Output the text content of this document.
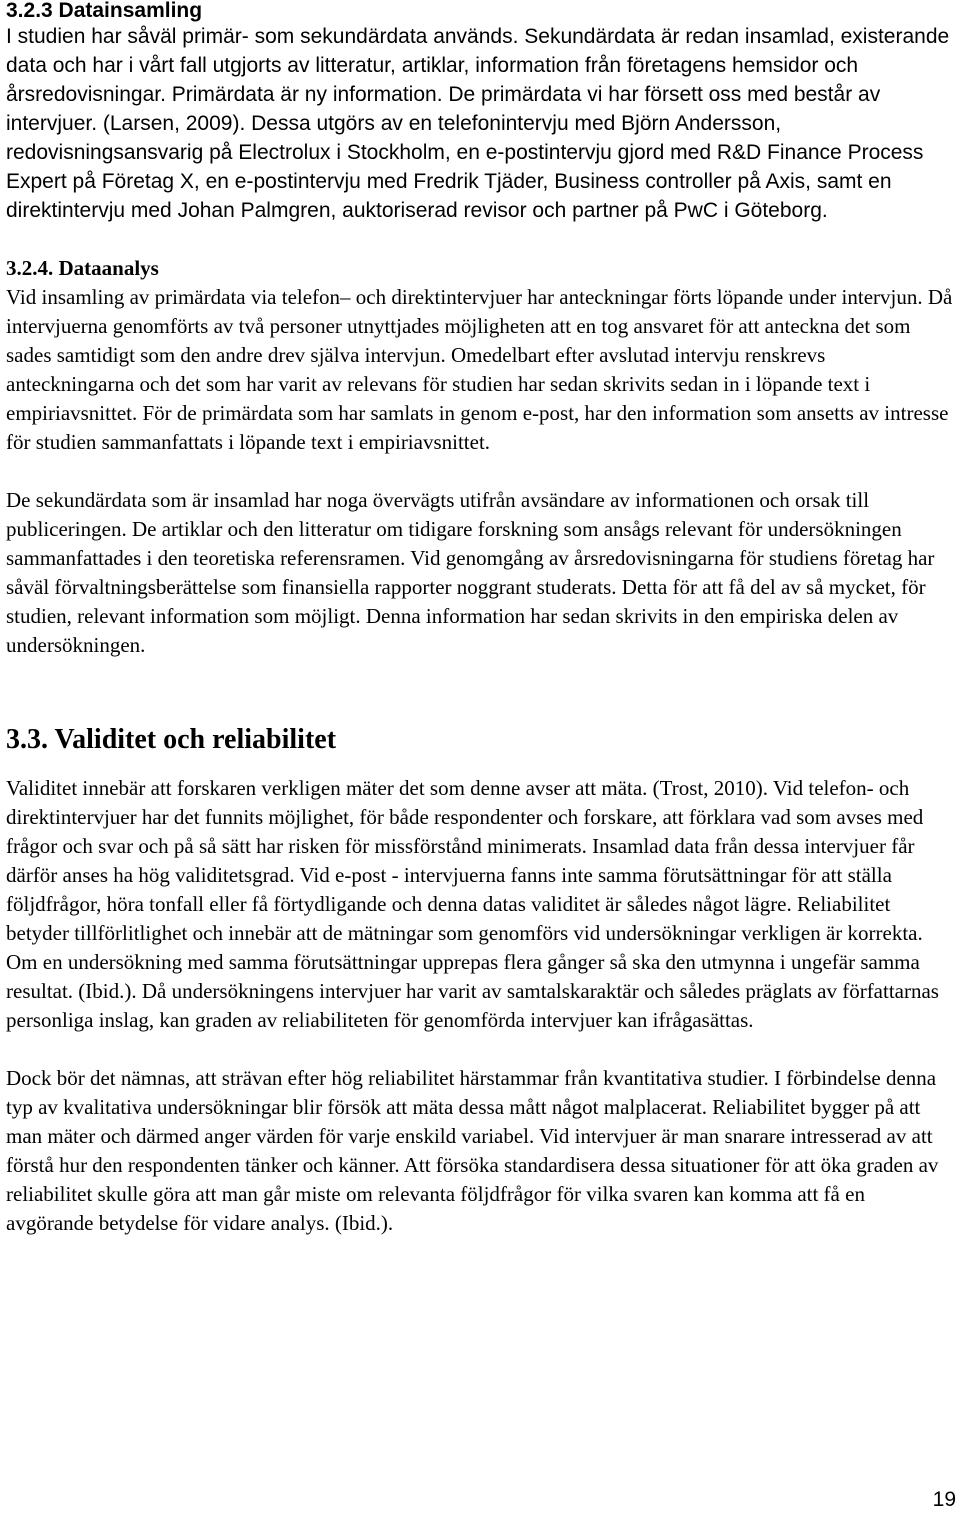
3.2.3 Datainsamling

I studien har såväl primär- som sekundärdata används. Sekundärdata är redan insamlad, existerande data och har i vårt fall utgjorts av litteratur, artiklar, information från företagens hemsidor och årsredovisningar. Primärdata är ny information. De primärdata vi har försett oss med består av intervjuer. (Larsen, 2009). Dessa utgörs av en telefonintervju med Björn Andersson, redovisningsansvarig på Electrolux i Stockholm, en e-postintervju gjord med R&D Finance Process Expert på Företag X, en e-postintervju med Fredrik Tjäder, Business controller på Axis, samt en direktintervju med Johan Palmgren, auktoriserad revisor och partner på PwC i Göteborg.

3.2.4. Dataanalys

Vid insamling av primärdata via telefon– och direktintervjuer har anteckningar förts löpande under intervjun. Då intervjuerna genomförts av två personer utnyttjades möjligheten att en tog ansvaret för att anteckna det som sades samtidigt som den andre drev själva intervjun. Omedelbart efter avslutad intervju renskrevs anteckningarna och det som har varit av relevans för studien har sedan skrivits sedan in i löpande text i empiriavsnittet. För de primärdata som har samlats in genom e-post, har den information som ansetts av intresse för studien sammanfattats i löpande text i empiriavsnittet.

De sekundärdata som är insamlad har noga övervägts utifrån avsändare av informationen och orsak till publiceringen. De artiklar och den litteratur om tidigare forskning som ansågs relevant för undersökningen sammanfattades i den teoretiska referensramen. Vid genomgång av årsredovisningarna för studiens företag har såväl förvaltningsberättelse som finansiella rapporter noggrant studerats. Detta för att få del av så mycket, för studien, relevant information som möjligt. Denna information har sedan skrivits in den empiriska delen av undersökningen.

3.3. Validitet och reliabilitet

Validitet innebär att forskaren verkligen mäter det som denne avser att mäta. (Trost, 2010). Vid telefon- och direktintervjuer har det funnits möjlighet, för både respondenter och forskare, att förklara vad som avses med frågor och svar och på så sätt har risken för missförstånd minimerats. Insamlad data från dessa intervjuer får därför anses ha hög validitetsgrad. Vid e-post - intervjuerna fanns inte samma förutsättningar för att ställa följdfrågor, höra tonfall eller få förtydligande och denna datas validitet är således något lägre. Reliabilitet betyder tillförlitlighet och innebär att de mätningar som genomförs vid undersökningar verkligen är korrekta. Om en undersökning med samma förutsättningar upprepas flera gånger så ska den utmynna i ungefär samma resultat. (Ibid.). Då undersökningens intervjuer har varit av samtalskaraktär och således präglats av författarnas personliga inslag, kan graden av reliabiliteten för genomförda intervjuer kan ifrågasättas.

Dock bör det nämnas, att strävan efter hög reliabilitet härstammar från kvantitativa studier. I förbindelse denna typ av kvalitativa undersökningar blir försök att mäta dessa mått något malplacerat. Reliabilitet bygger på att man mäter och därmed anger värden för varje enskild variabel. Vid intervjuer är man snarare intresserad av att förstå hur den respondenten tänker och känner. Att försöka standardisera dessa situationer för att öka graden av reliabilitet skulle göra att man går miste om relevanta följdfrågor för vilka svaren kan komma att få en avgörande betydelse för vidare analys. (Ibid.).

19
